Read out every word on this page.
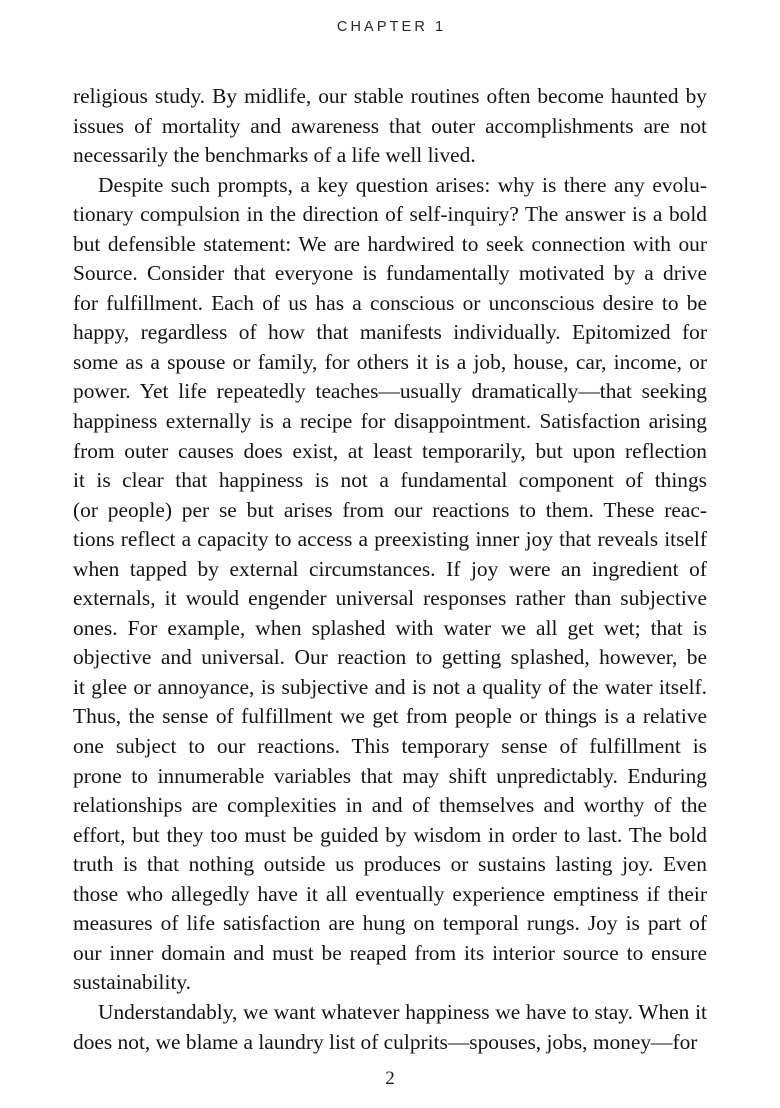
CHAPTER 1

religious study. By midlife, our stable routines often become haunted by
issues of mortality and awareness that outer accomplishments are not
necessarily the benchmarks of a life well lived.

Despite such prompts, a key question arises: why is there any evolu-
tionary compulsion in the direction of self-inquiry? The answer is a bold
but defensible statement: We are hardwired to seek connection with our
Source. Consider that everyone is fundamentally motivated by a drive
for fulfillment. Each of us has a conscious or unconscious desire to be
happy, regardless of how that manifests individually. Epitomized for
some as a spouse or family, for others it is a job, house, car, income, or
power. Yet life repeatedly teaches—usually dramatically—that seeking
happiness externally is a recipe for disappointment. Satisfaction arising
from outer causes does exist, at least temporarily, but upon reflection
it is clear that happiness is not a fundamental component of things
(or people) per se but arises from our reactions to them. These reac-
tions reflect a capacity to access a preexisting inner joy that reveals itself
when tapped by external circumstances. If joy were an ingredient of
externals, it would engender universal responses rather than subjective
ones. For example, when splashed with water we all get wet; that is
objective and universal. Our reaction to getting splashed, however, be
it glee or annoyance, is subjective and is not a quality of the water itself.
Thus, the sense of fulfillment we get from people or things is a relative
one subject to our reactions. This temporary sense of fulfillment is
prone to innumerable variables that may shift unpredictably. Enduring
relationships are complexities in and of themselves and worthy of the
effort, but they too must be guided by wisdom in order to last. The bold
truth is that nothing outside us produces or sustains lasting joy. Even
those who allegedly have it all eventually experience emptiness if their
measures of life satisfaction are hung on temporal rungs. Joy is part of
our inner domain and must be reaped from its interior source to ensure
sustainability.

Understandably, we want whatever happiness we have to stay. When it
does not, we blame a laundry list of culprits—spouses, jobs, money—for

2
